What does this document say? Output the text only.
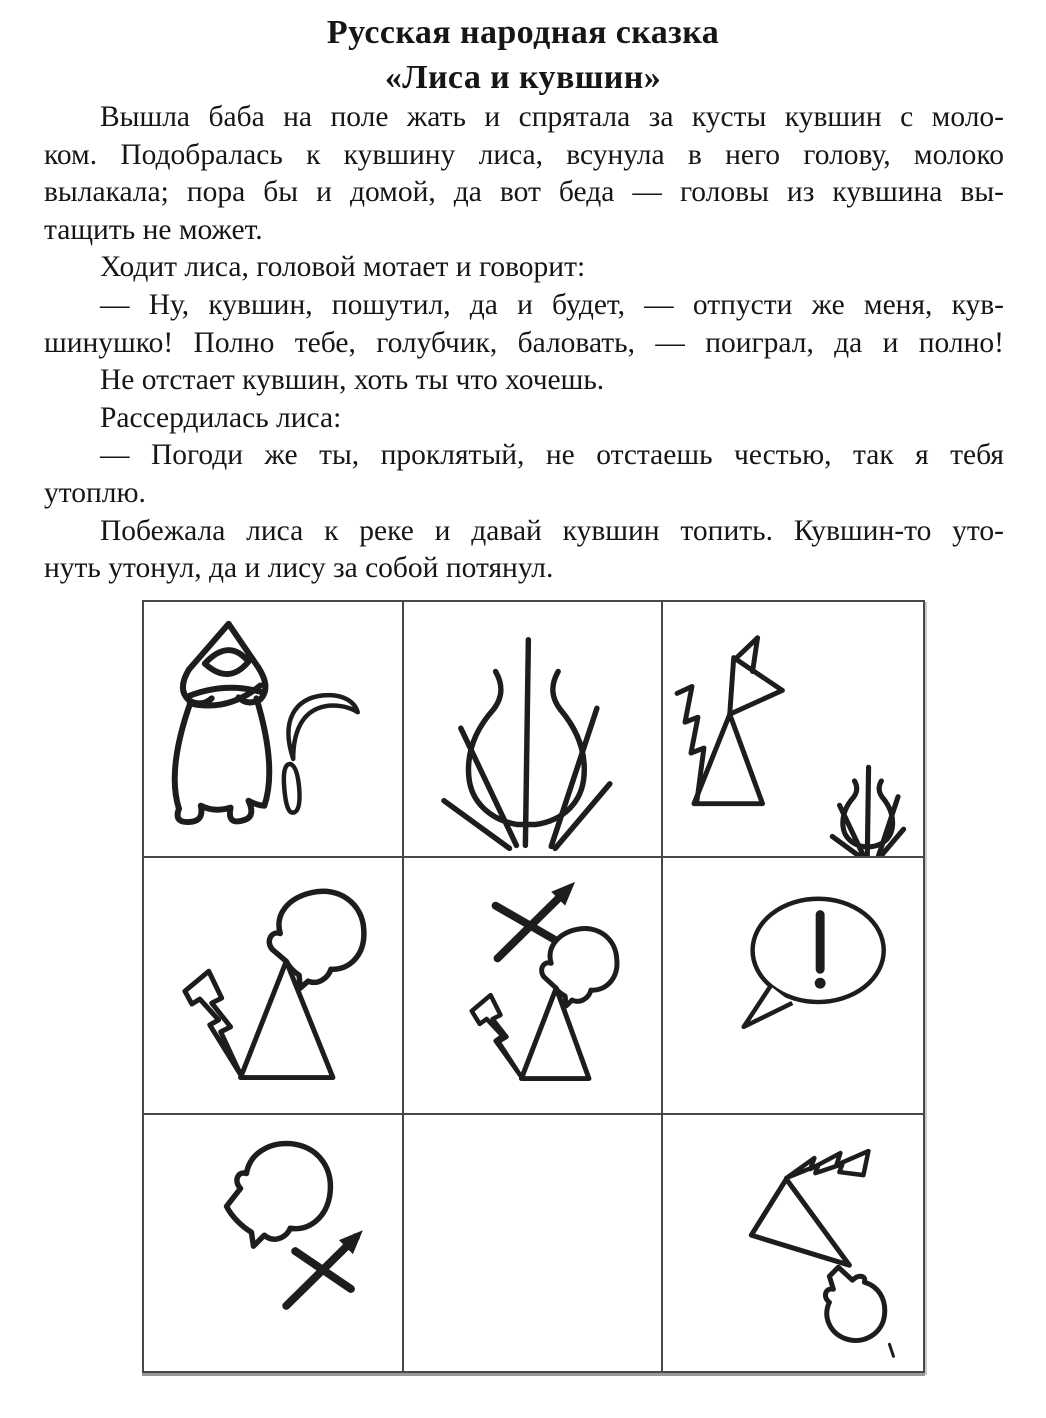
Русская народная сказка
«Лиса и кувшин»
Вышла баба на поле жать и спрятала за кусты кувшин с моло-
ком. Подобралась к кувшину лиса, всунула в него голову, молоко
вылакала; пора бы и домой, да вот беда — головы из кувшина вы-
тащить не может.
Ходит лиса, головой мотает и говорит:
— Ну, кувшин, пошутил, да и будет, — отпусти же меня, кув-
шинушко! Полно тебе, голубчик, баловать, — поиграл, да и полно!
Не отстает кувшин, хоть ты что хочешь.
Рассердилась лиса:
— Погоди же ты, проклятый, не отстаешь честью, так я тебя
утоплю.
Побежала лиса к реке и давай кувшин топить. Кувшин-то уто-
нуть утонул, да и лису за собой потянул.
